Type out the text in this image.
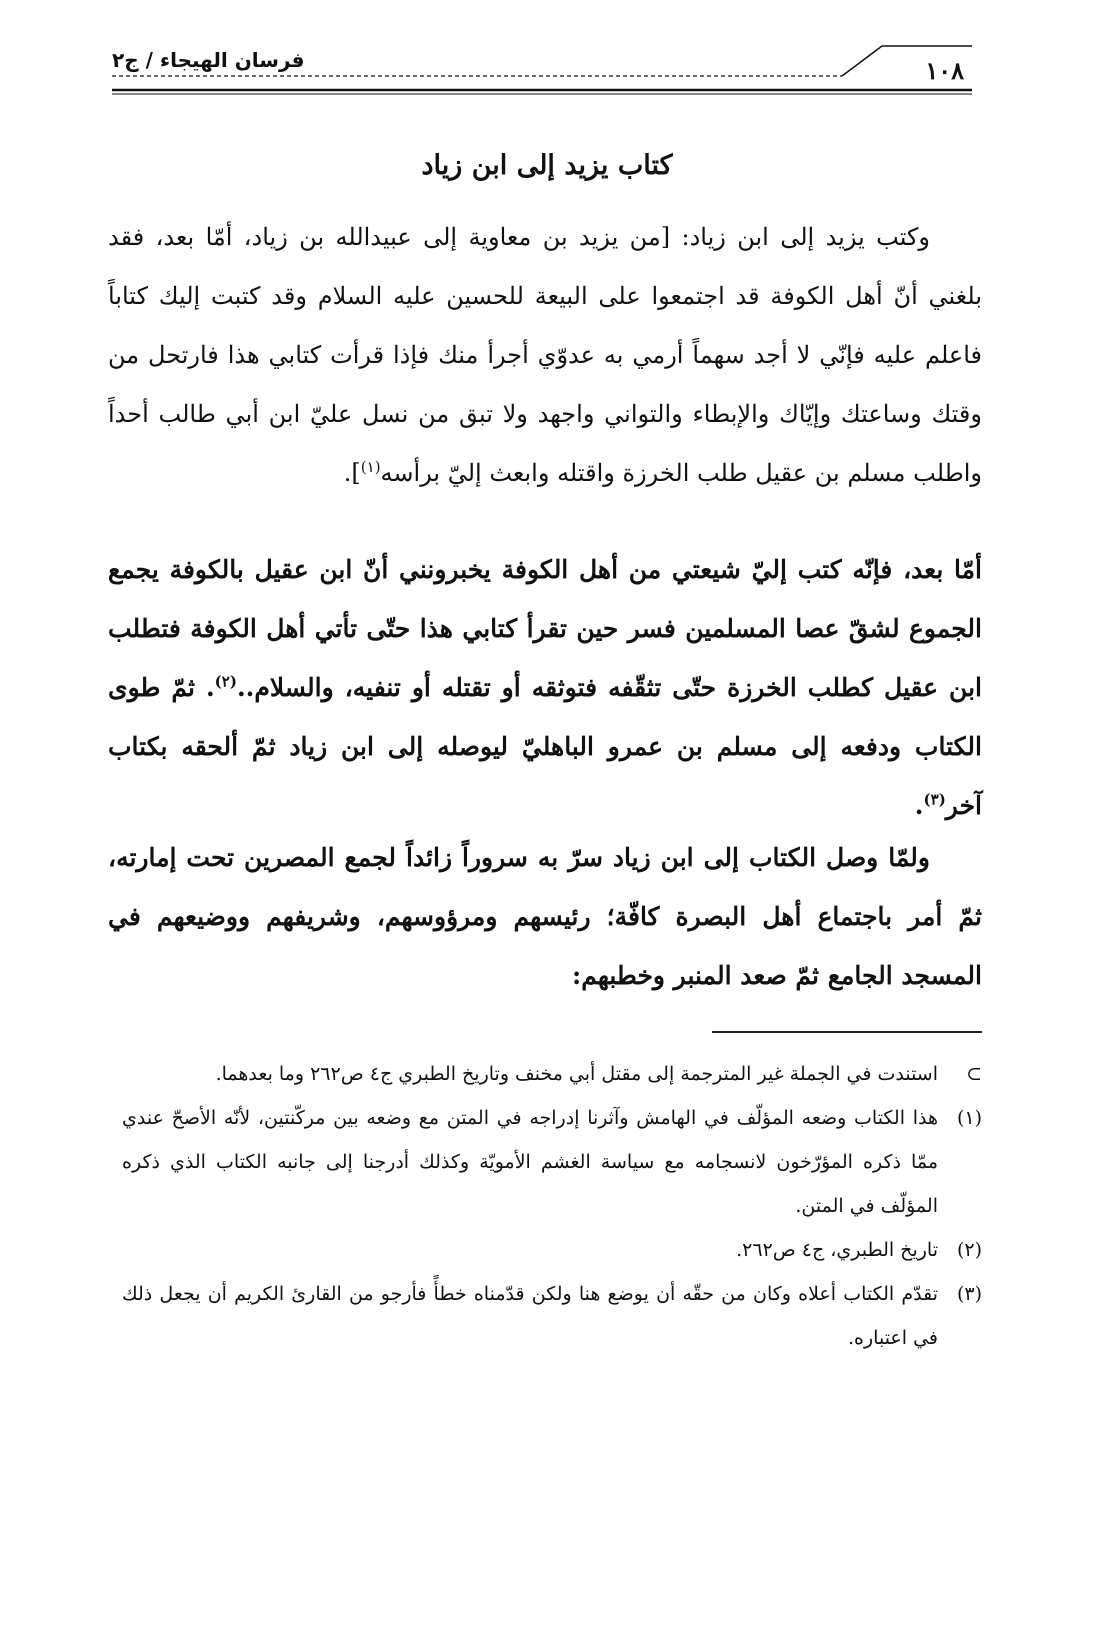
١٠٨
فرسان الهيجاء / ج٢
كتاب يزيد إلى ابن زياد
وكتب يزيد إلى ابن زياد: [من يزيد بن معاوية إلى عبيدالله بن زياد، أمّا بعد، فقد بلغني أنّ أهل الكوفة قد اجتمعوا على البيعة للحسين عليه السلام وقد كتبت إليك كتاباً فاعلم عليه فإنّي لا أجد سهماً أرمي به عدوّي أجرأ منك فإذا قرأت كتابي هذا فارتحل من وقتك وساعتك وإيّاك والإبطاء والتواني واجهد ولا تبق من نسل عليّ ابن أبي طالب أحداً واطلب مسلم بن عقيل طلب الخرزة واقتله وابعث إليّ برأسه$^{(١)}$].
أمّا بعد، فإنّه كتب إليّ شيعتي من أهل الكوفة يخبرونني أنّ ابن عقيل بالكوفة يجمع الجموع لشقّ عصا المسلمين فسر حين تقرأ كتابي هذا حتّى تأتي أهل الكوفة فتطلب ابن عقيل كطلب الخرزة حتّى تثقّفه فتوثقه أو تقتله أو تنفيه، والسلام..$^{(٢)}$. ثمّ طوى الكتاب ودفعه إلى مسلم بن عمرو الباهليّ ليوصله إلى ابن زياد ثمّ ألحقه بكتاب آخر$^{(٣)}$.
ولمّا وصل الكتاب إلى ابن زياد سرّ به سروراً زائداً لجمع المصرين تحت إمارته، ثمّ أمر باجتماع أهل البصرة كافّة؛ رئيسهم ومرؤوسهم، وشريفهم ووضيعهم في المسجد الجامع ثمّ صعد المنبر وخطبهم:
⊃
استندت في الجملة غير المترجمة إلى مقتل أبي مخنف وتاريخ الطبري ج٤ ص٢٦٢ وما بعدهما.
(١)
هذا الكتاب وضعه المؤلّف في الهامش وآثرنا إدراجه في المتن مع وضعه بين مركّنتين، لأنّه الأصحّ عندي ممّا ذكره المؤرّخون لانسجامه مع سياسة الغشم الأمويّة وكذلك أدرجنا إلى جانبه الكتاب الذي ذكره المؤلّف في المتن.
(٢)
تاريخ الطبري، ج٤ ص٢٦٢.
(٣)
تقدّم الكتاب أعلاه وكان من حقّه أن يوضع هنا ولكن قدّمناه خطأً فأرجو من القارئ الكريم أن يجعل ذلك في اعتباره.
